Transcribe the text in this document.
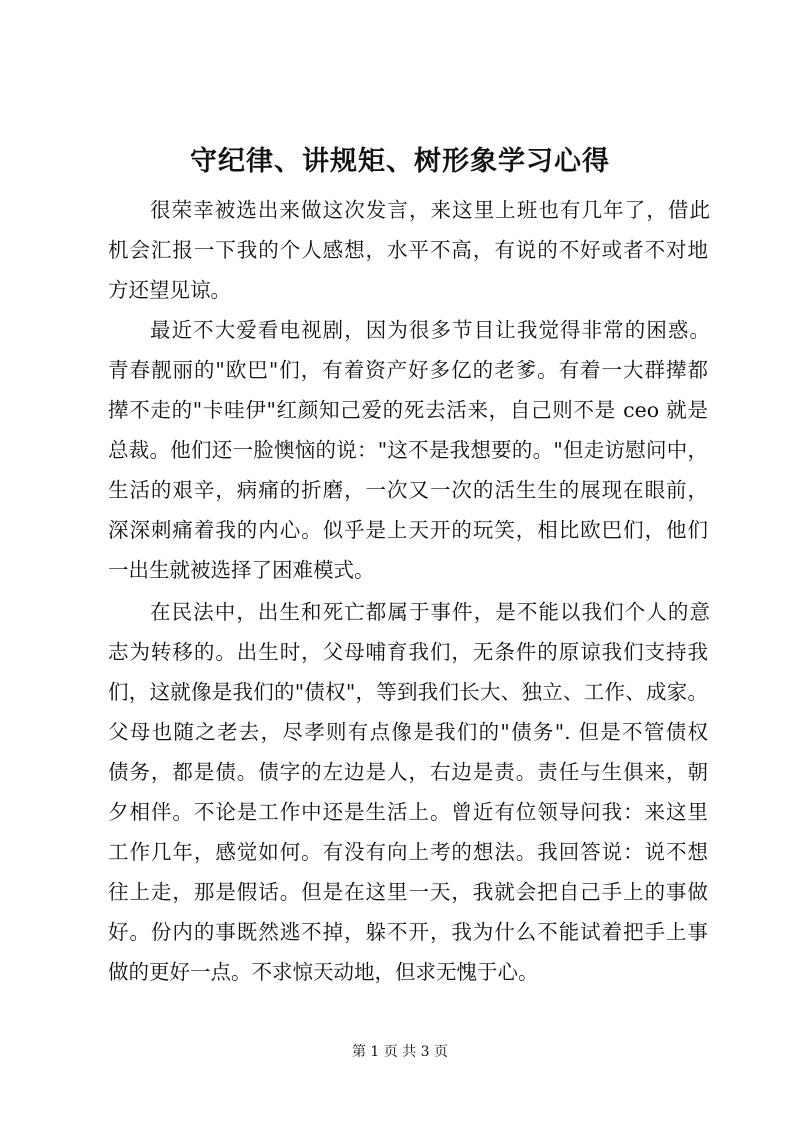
守纪律、讲规矩、树形象学习心得

很荣幸被选出来做这次发言，来这里上班也有几年了，借此

机会汇报一下我的个人感想，水平不高，有说的不好或者不对地

方还望见谅。

最近不大爱看电视剧，因为很多节目让我觉得非常的困惑。

青春靓丽的"欧巴"们，有着资产好多亿的老爹。有着一大群撵都

撵不走的"卡哇伊"红颜知己爱的死去活来，自己则不是 ceo 就是

总裁。他们还一脸懊恼的说："这不是我想要的。"但走访慰问中，

生活的艰辛，病痛的折磨，一次又一次的活生生的展现在眼前，

深深刺痛着我的内心。似乎是上天开的玩笑，相比欧巴们，他们

一出生就被选择了困难模式。

在民法中，出生和死亡都属于事件，是不能以我们个人的意

志为转移的。出生时，父母哺育我们，无条件的原谅我们支持我

们，这就像是我们的"债权"，等到我们长大、独立、工作、成家。

父母也随之老去，尽孝则有点像是我们的"债务". 但是不管债权

债务，都是债。债字的左边是人，右边是责。责任与生俱来，朝

夕相伴。不论是工作中还是生活上。曾近有位领导问我：来这里

工作几年，感觉如何。有没有向上考的想法。我回答说：说不想

往上走，那是假话。但是在这里一天，我就会把自己手上的事做

好。份内的事既然逃不掉，躲不开，我为什么不能试着把手上事

做的更好一点。不求惊天动地，但求无愧于心。

第 1 页 共 3 页
